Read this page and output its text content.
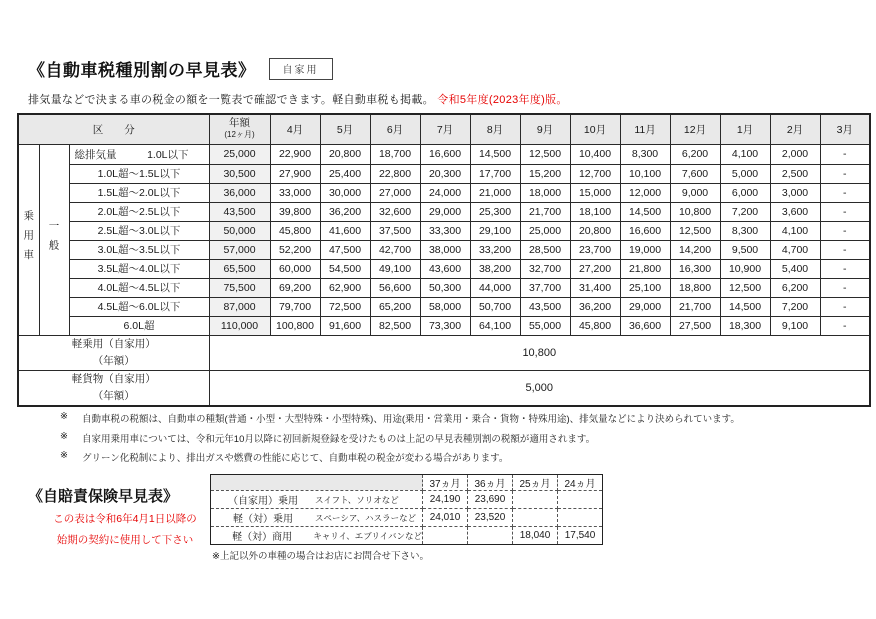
《自動車税種別割の早見表》	自家用
排気量などで決まる車の税金の額を一覧表で確認できます。軽自動車税も掲載。 令和5年度(2023年度)版。
区　　分			年額
(12ヶ月)	4月	5月	6月	7月	8月	9月	10月	11月	12月	1月	2月	3月
乗用車	一般	総排気量 1.0L以下	25,000	22,900	20,800	18,700	16,600	14,500	12,500	10,400	8,300	6,200	4,100	2,000	-
		1.0L超～1.5L以下	30,500	27,900	25,400	22,800	20,300	17,700	15,200	12,700	10,100	7,600	5,000	2,500	-
		1.5L超～2.0L以下	36,000	33,000	30,000	27,000	24,000	21,000	18,000	15,000	12,000	9,000	6,000	3,000	-
		2.0L超～2.5L以下	43,500	39,800	36,200	32,600	29,000	25,300	21,700	18,100	14,500	10,800	7,200	3,600	-
		2.5L超～3.0L以下	50,000	45,800	41,600	37,500	33,300	29,100	25,000	20,800	16,600	12,500	8,300	4,100	-
		3.0L超～3.5L以下	57,000	52,200	47,500	42,700	38,000	33,200	28,500	23,700	19,000	14,200	9,500	4,700	-
		3.5L超～4.0L以下	65,500	60,000	54,500	49,100	43,600	38,200	32,700	27,200	21,800	16,300	10,900	5,400	-
		4.0L超～4.5L以下	75,500	69,200	62,900	56,600	50,300	44,000	37,700	31,400	25,100	18,800	12,500	6,200	-
		4.5L超～6.0L以下	87,000	79,700	72,500	65,200	58,000	50,700	43,500	36,200	29,000	21,700	14,500	7,200	-
		6.0L超	110,000	100,800	91,600	82,500	73,300	64,100	55,000	45,800	36,600	27,500	18,300	9,100	-

軽乗用（自家用）
（年額）			10,800												

軽貨物（自家用）
（年額）			5,000												
※	自動車税の税額は、自動車の種類(普通・小型・大型特殊・小型特殊)、用途(乗用・営業用・乗合・貨物・特殊用途)、排気量などにより決められています。
※	自家用乗用車については、令和元年10月以降に初回新規登録を受けたものは上記の早見表種別割の税額が適用されます。
※	グリーン化税制により、排出ガスや燃費の性能に応じて、自動車税の税金が変わる場合があります。
《自賠責保険早見表》
この表は令和6年4月1日以降の
始期の契約に使用して下さい
	37ヵ月	36ヵ月	25ヵ月	24ヵ月

（自家用）乗用 スイフト、ソリオなど	24,190	23,690		

軽（対）乗用 スペーシア、ハスラーなど	24,010	23,520		

軽（対）商用 キャリイ、エブリイバンなど			18,040	17,540
※上記以外の車種の場合はお店にお問合せ下さい。
